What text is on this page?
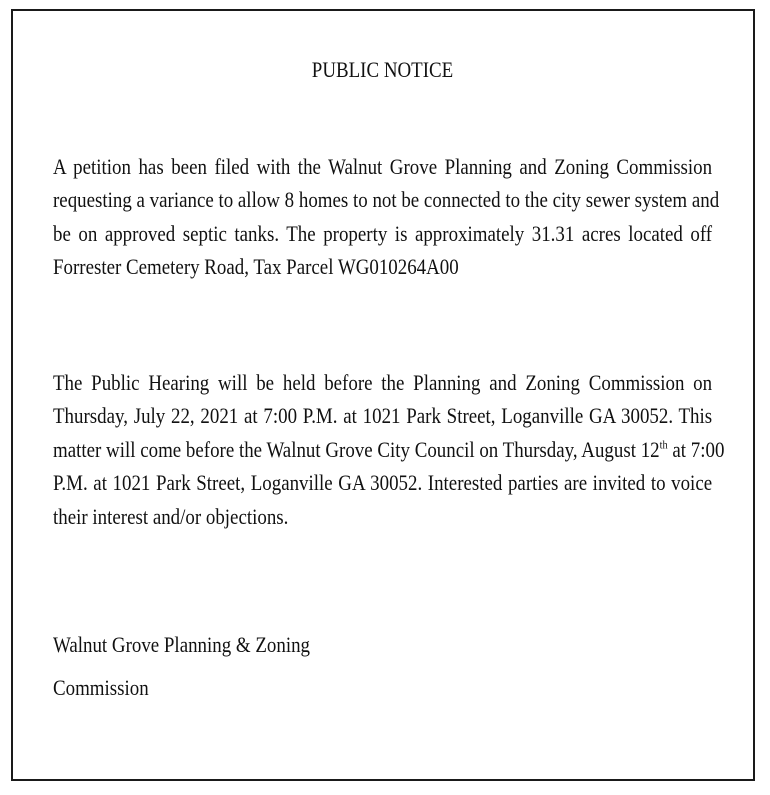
PUBLIC NOTICE

A petition has been filed with the Walnut Grove Planning and Zoning Commission
requesting a variance to allow 8 homes to not be connected to the city sewer system and
be on approved septic tanks. The property is approximately 31.31 acres located off
Forrester Cemetery Road, Tax Parcel WG010264A00

The Public Hearing will be held before the Planning and Zoning Commission on
Thursday, July 22, 2021 at 7:00 P.M. at 1021 Park Street, Loganville GA 30052. This
matter will come before the Walnut Grove City Council on Thursday, August 12th at 7:00
P.M. at 1021 Park Street, Loganville GA 30052. Interested parties are invited to voice
their interest and/or objections.

Walnut Grove Planning & Zoning
Commission
